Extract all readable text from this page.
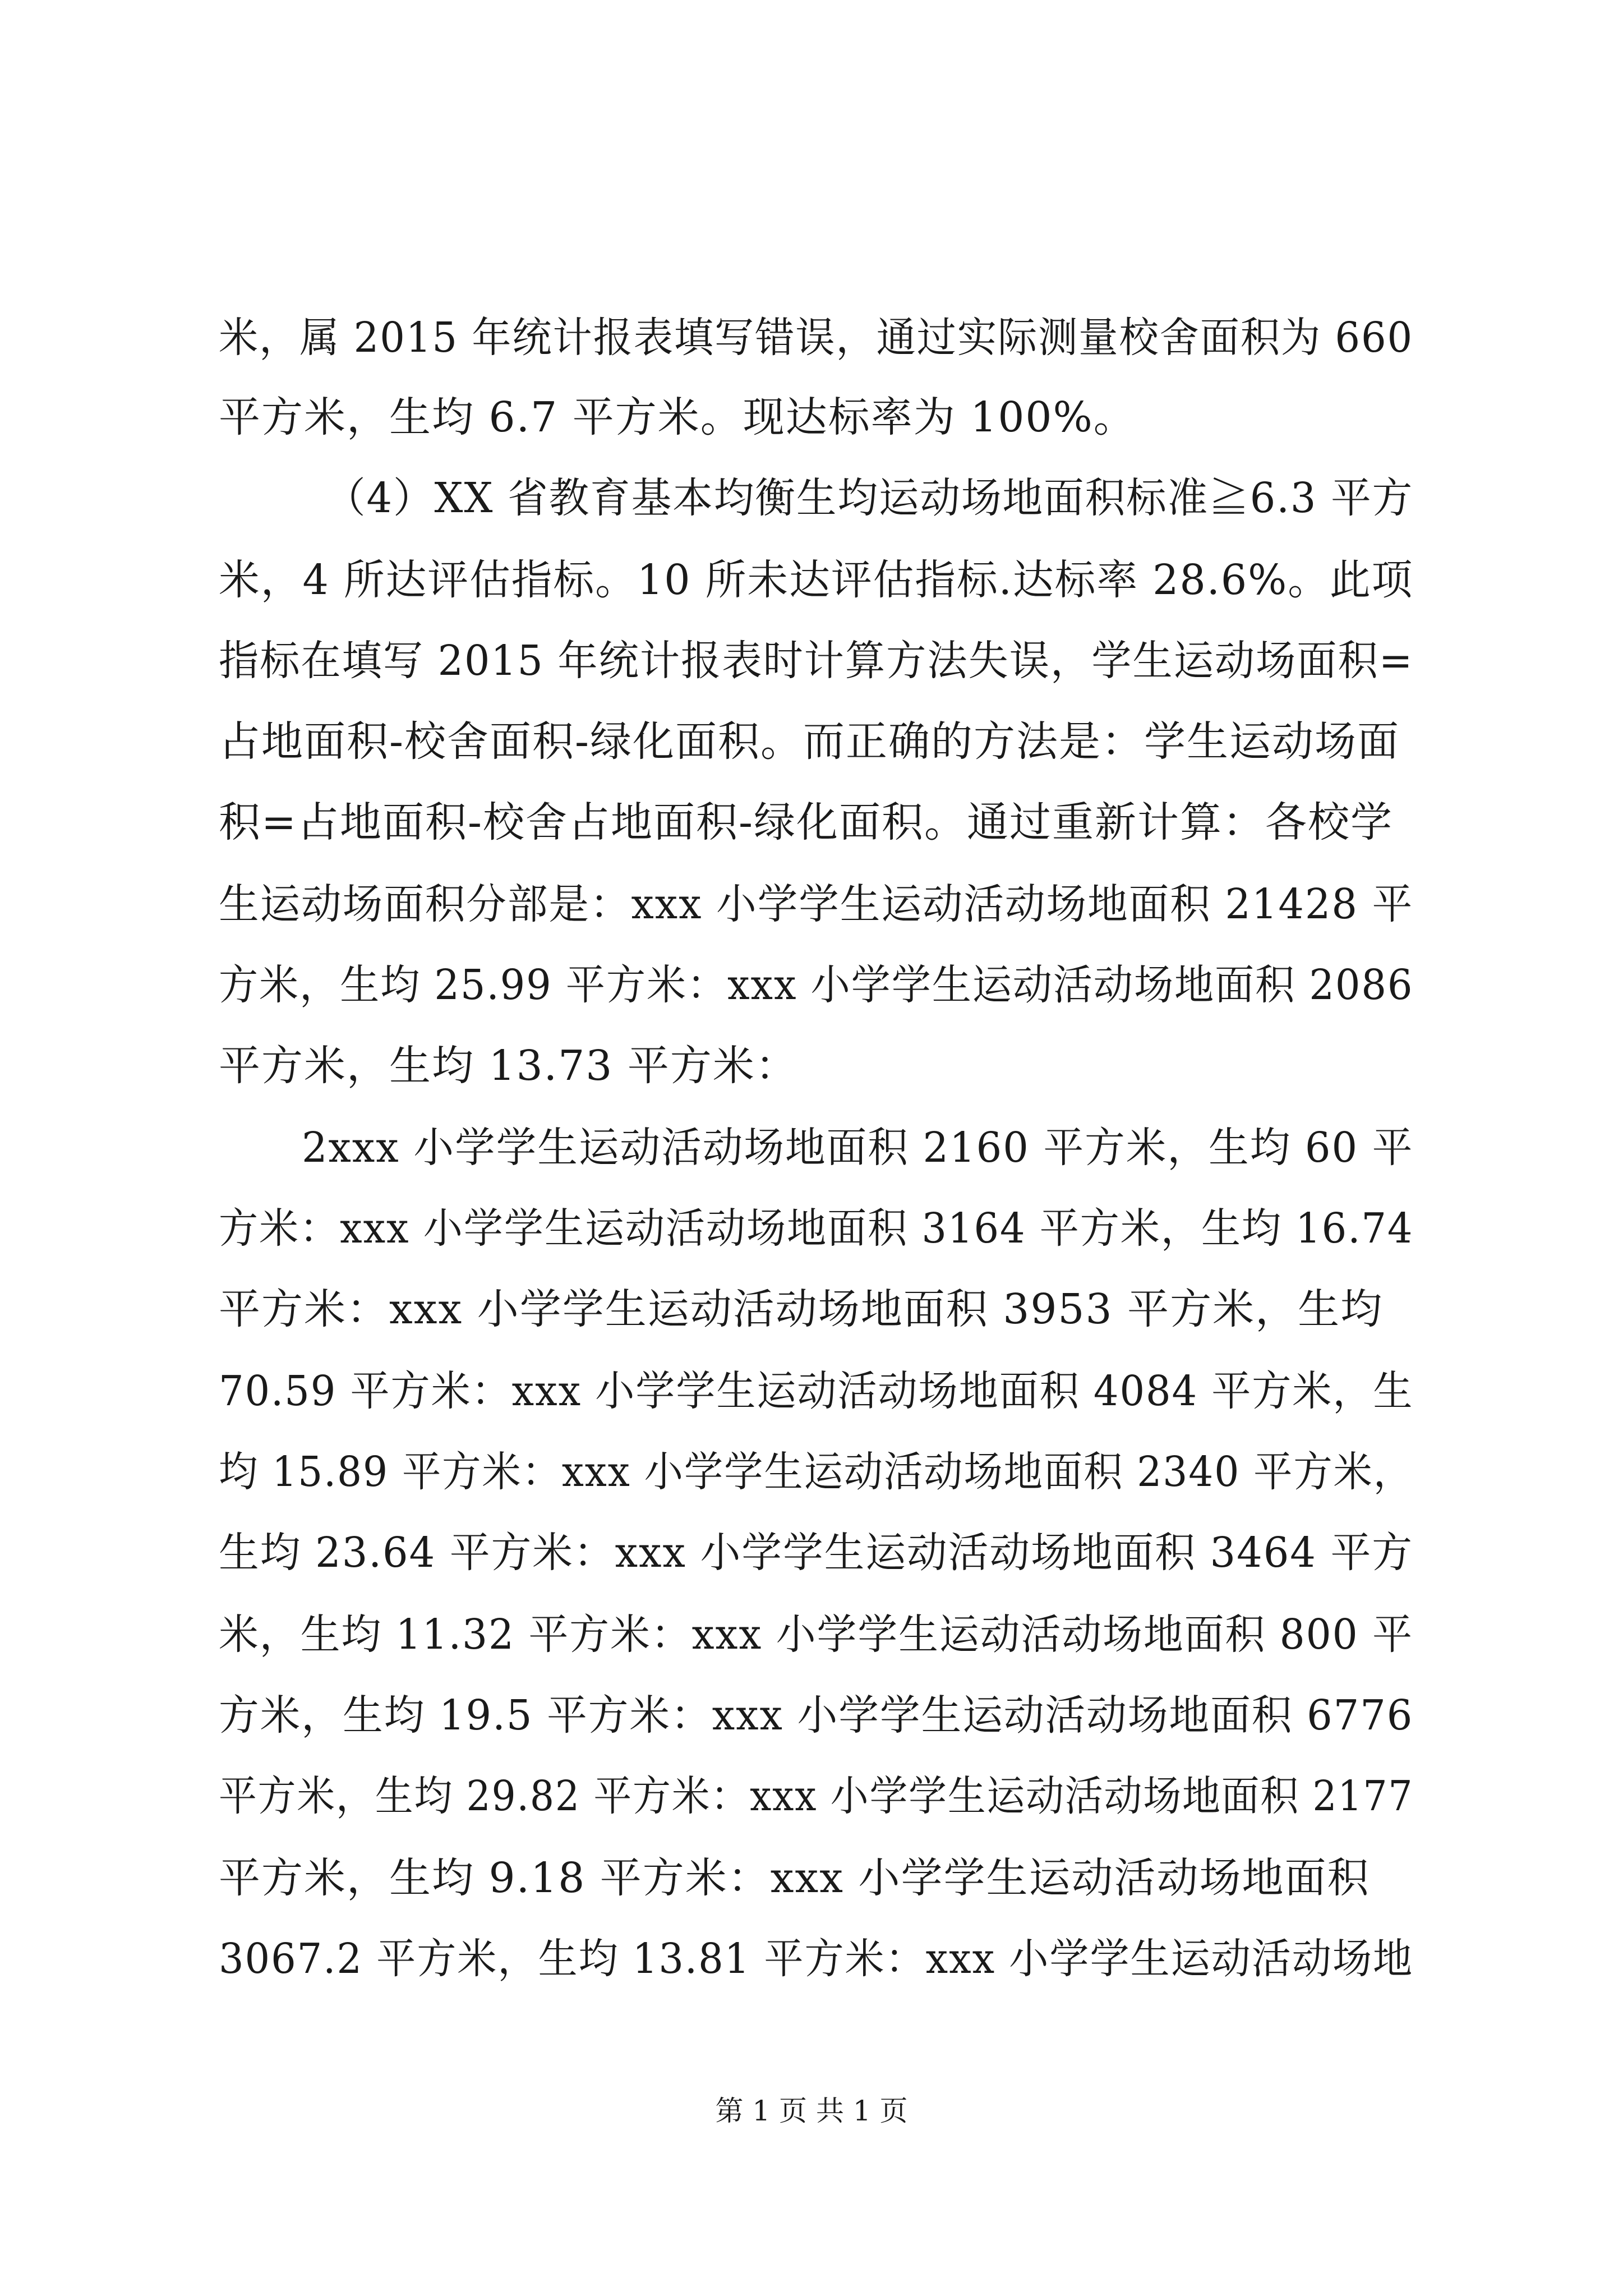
米，属 2015 年统计报表填写错误，通过实际测量校舍面积为 660
平方米，生均 6.7 平方米。现达标率为 100%。
（4）XX 省教育基本均衡生均运动场地面积标准≧6.3 平方
米，4 所达评估指标。10 所未达评估指标.达标率 28.6%。此项
指标在填写 2015 年统计报表时计算方法失误，学生运动场面积=
占地面积-校舍面积-绿化面积。而正确的方法是：学生运动场面
积=占地面积-校舍占地面积-绿化面积。通过重新计算：各校学
生运动场面积分部是：xxx 小学学生运动活动场地面积 21428 平
方米，生均 25.99 平方米：xxx 小学学生运动活动场地面积 2086
平方米，生均 13.73 平方米：
2xxx 小学学生运动活动场地面积 2160 平方米，生均 60 平
方米：xxx 小学学生运动活动场地面积 3164 平方米，生均 16.74
平方米：xxx 小学学生运动活动场地面积 3953 平方米，生均
70.59 平方米：xxx 小学学生运动活动场地面积 4084 平方米，生
均 15.89 平方米：xxx 小学学生运动活动场地面积 2340 平方米，
生均 23.64 平方米：xxx 小学学生运动活动场地面积 3464 平方
米，生均 11.32 平方米：xxx 小学学生运动活动场地面积 800 平
方米，生均 19.5 平方米：xxx 小学学生运动活动场地面积 6776
平方米，生均 29.82 平方米：xxx 小学学生运动活动场地面积 2177
平方米，生均 9.18 平方米：xxx 小学学生运动活动场地面积
3067.2 平方米，生均 13.81 平方米：xxx 小学学生运动活动场地
第 1 页 共 1 页
